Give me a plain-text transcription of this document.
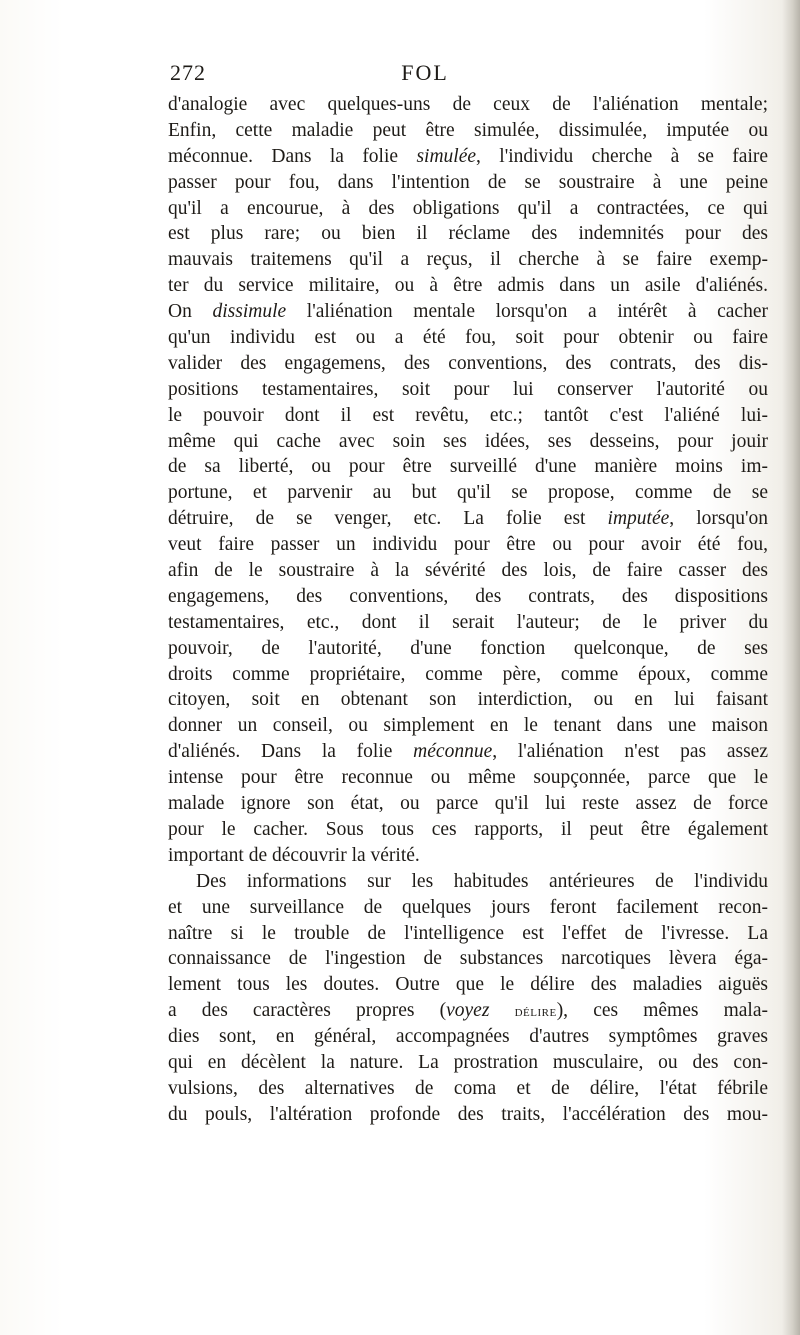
272	FOL
d'analogie avec quelques-uns de ceux de l'aliénation mentale;
Enfin, cette maladie peut être simulée, dissimulée, imputée ou
méconnue. Dans la folie simulée, l'individu cherche à se faire
passer pour fou, dans l'intention de se soustraire à une peine
qu'il a encourue, à des obligations qu'il a contractées, ce qui
est plus rare; ou bien il réclame des indemnités pour des
mauvais traitemens qu'il a reçus, il cherche à se faire exemp-
ter du service militaire, ou à être admis dans un asile d'aliénés.
On dissimule l'aliénation mentale lorsqu'on a intérêt à cacher
qu'un individu est ou a été fou, soit pour obtenir ou faire
valider des engagemens, des conventions, des contrats, des dis-
positions testamentaires, soit pour lui conserver l'autorité ou
le pouvoir dont il est revêtu, etc.; tantôt c'est l'aliéné lui-
même qui cache avec soin ses idées, ses desseins, pour jouir
de sa liberté, ou pour être surveillé d'une manière moins im-
portune, et parvenir au but qu'il se propose, comme de se
détruire, de se venger, etc. La folie est imputée, lorsqu'on
veut faire passer un individu pour être ou pour avoir été fou,
afin de le soustraire à la sévérité des lois, de faire casser des
engagemens, des conventions, des contrats, des dispositions
testamentaires, etc., dont il serait l'auteur; de le priver du
pouvoir, de l'autorité, d'une fonction quelconque, de ses
droits comme propriétaire, comme père, comme époux, comme
citoyen, soit en obtenant son interdiction, ou en lui faisant
donner un conseil, ou simplement en le tenant dans une maison
d'aliénés. Dans la folie méconnue, l'aliénation n'est pas assez
intense pour être reconnue ou même soupçonnée, parce que le
malade ignore son état, ou parce qu'il lui reste assez de force
pour le cacher. Sous tous ces rapports, il peut être également
important de découvrir la vérité.
Des informations sur les habitudes antérieures de l'individu
et une surveillance de quelques jours feront facilement recon-
naître si le trouble de l'intelligence est l'effet de l'ivresse. La
connaissance de l'ingestion de substances narcotiques lèvera éga-
lement tous les doutes. Outre que le délire des maladies aiguës
a des caractères propres (voyez délire), ces mêmes mala-
dies sont, en général, accompagnées d'autres symptômes graves
qui en décèlent la nature. La prostration musculaire, ou des con-
vulsions, des alternatives de coma et de délire, l'état fébrile
du pouls, l'altération profonde des traits, l'accélération des mou-
